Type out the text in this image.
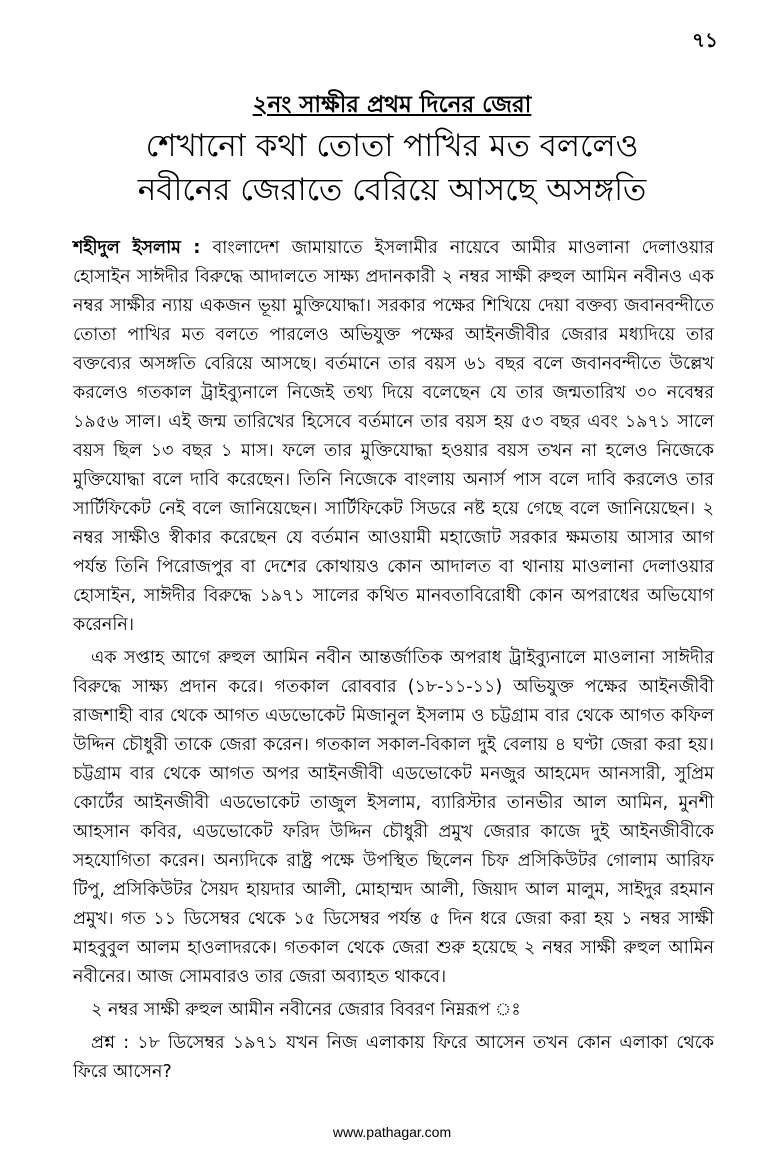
৭১
২নং সাক্ষীর প্রথম দিনের জেরা
শেখানো কথা তোতা পাখির মত বললেও
নবীনের জেরাতে বেরিয়ে আসছে অসঙ্গতি

শহীদুল ইসলাম : বাংলাদেশ জামায়াতে ইসলামীর নায়েবে আমীর মাওলানা দেলাওয়ার হোসাইন সাঈদীর বিরুদ্ধে আদালতে সাক্ষ্য প্রদানকারী ২ নম্বর সাক্ষী রুহুল আমিন নবীনও এক নম্বর সাক্ষীর ন্যায় একজন ভূয়া মুক্তিযোদ্ধা। সরকার পক্ষের শিখিয়ে দেয়া বক্তব্য জবানবন্দীতে তোতা পাখির মত বলতে পারলেও অভিযুক্ত পক্ষের আইনজীবীর জেরার মধ্যদিয়ে তার বক্তব্যের অসঙ্গতি বেরিয়ে আসছে। বর্তমানে তার বয়স ৬১ বছর বলে জবানবন্দীতে উল্লেখ করলেও গতকাল ট্রাইব্যুনালে নিজেই তথ্য দিয়ে বলেছেন যে তার জন্মতারিখ ৩০ নবেম্বর ১৯৫৬ সাল। এই জন্ম তারিখের হিসেবে বর্তমানে তার বয়স হয় ৫৩ বছর এবং ১৯৭১ সালে বয়স ছিল ১৩ বছর ১ মাস। ফলে তার মুক্তিযোদ্ধা হওয়ার বয়স তখন না হলেও নিজেকে মুক্তিযোদ্ধা বলে দাবি করেছেন। তিনি নিজেকে বাংলায় অনার্স পাস বলে দাবি করলেও তার সার্টিফিকেট নেই বলে জানিয়েছেন। সার্টিফিকেট সিডরে নষ্ট হয়ে গেছে বলে জানিয়েছেন। ২ নম্বর সাক্ষীও স্বীকার করেছেন যে বর্তমান আওয়ামী মহাজোট সরকার ক্ষমতায় আসার আগ পর্যন্ত তিনি পিরোজপুর বা দেশের কোথায়ও কোন আদালত বা থানায় মাওলানা দেলাওয়ার হোসাইন, সাঈদীর বিরুদ্ধে ১৯৭১ সালের কথিত মানবতাবিরোধী কোন অপরাধের অভিযোগ করেননি।

এক সপ্তাহ আগে রুহুল আমিন নবীন আন্তর্জাতিক অপরাধ ট্রাইব্যুনালে মাওলানা সাঈদীর বিরুদ্ধে সাক্ষ্য প্রদান করে। গতকাল রোববার (১৮-১১-১১) অভিযুক্ত পক্ষের আইনজীবী রাজশাহী বার থেকে আগত এডভোকেট মিজানুল ইসলাম ও চট্টগ্রাম বার থেকে আগত কফিল উদ্দিন চৌধুরী তাকে জেরা করেন। গতকাল সকাল-বিকাল দুই বেলায় ৪ ঘণ্টা জেরা করা হয়। চট্টগ্রাম বার থেকে আগত অপর আইনজীবী এডভোকেট মনজুর আহমেদ আনসারী, সুপ্রিম কোর্টের আইনজীবী এডভোকেট তাজুল ইসলাম, ব্যারিস্টার তানভীর আল আমিন, মুনশী আহসান কবির, এডভোকেট ফরিদ উদ্দিন চৌধুরী প্রমুখ জেরার কাজে দুই আইনজীবীকে সহযোগিতা করেন। অন্যদিকে রাষ্ট্র পক্ষে উপস্থিত ছিলেন চিফ প্রসিকিউটর গোলাম আরিফ টিপু, প্রসিকিউটর সৈয়দ হায়দার আলী, মোহাম্মদ আলী, জিয়াদ আল মালুম, সাইদুর রহমান প্রমুখ। গত ১১ ডিসেম্বর থেকে ১৫ ডিসেম্বর পর্যন্ত ৫ দিন ধরে জেরা করা হয় ১ নম্বর সাক্ষী মাহবুবুল আলম হাওলাদরকে। গতকাল থেকে জেরা শুরু হয়েছে ২ নম্বর সাক্ষী রুহুল আমিন নবীনের। আজ সোমবারও তার জেরা অব্যাহত থাকবে।

২ নম্বর সাক্ষী রুহুল আমীন নবীনের জেরার বিবরণ নিম্নরূপ ঃ

প্রশ্ন : ১৮ ডিসেম্বর ১৯৭১ যখন নিজ এলাকায় ফিরে আসেন তখন কোন এলাকা থেকে ফিরে আসেন?

www.pathagar.com
